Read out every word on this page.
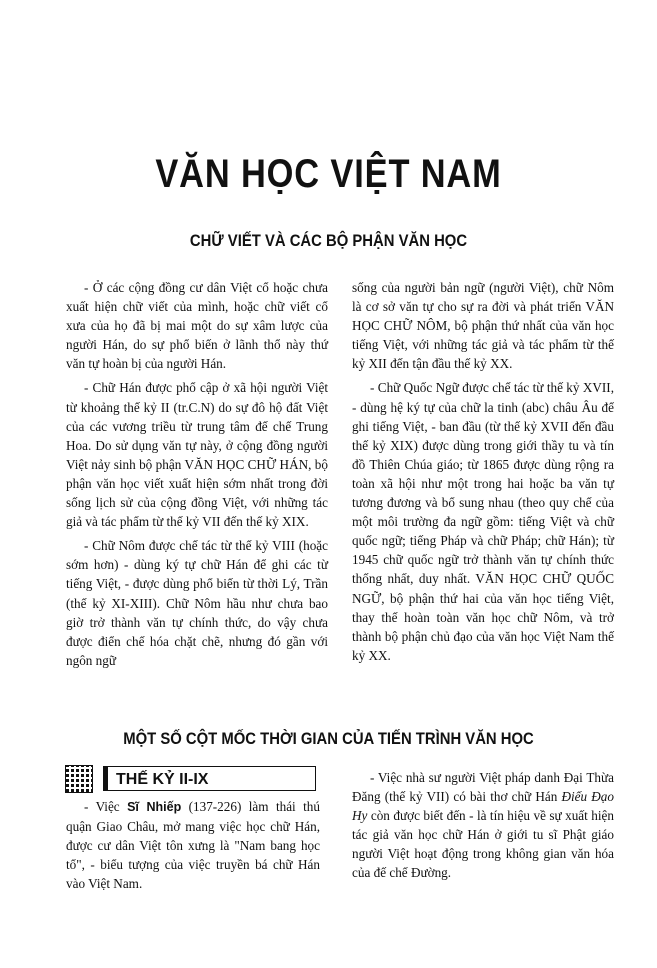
VĂN HỌC VIỆT NAM
CHỮ VIẾT VÀ CÁC BỘ PHẬN VĂN HỌC

- Ở các cộng đồng cư dân Việt cổ hoặc chưa xuất hiện chữ viết của mình, hoặc chữ viết cổ xưa của họ đã bị mai một do sự xâm lược của người Hán, do sự phổ biến ở lãnh thổ này thứ văn tự hoàn bị của người Hán.

- Chữ Hán được phổ cập ở xã hội người Việt từ khoảng thế kỷ II (tr.C.N) do sự đô hộ đất Việt của các vương triều từ trung tâm đế chế Trung Hoa. Do sử dụng văn tự này, ở cộng đồng người Việt nảy sinh bộ phận VĂN HỌC CHỮ HÁN, bộ phận văn học viết xuất hiện sớm nhất trong đời sống lịch sử của cộng đồng Việt, với những tác giả và tác phẩm từ thế kỷ VII đến thế kỷ XIX.

- Chữ Nôm được chế tác từ thế kỷ VIII (hoặc sớm hơn) - dùng ký tự chữ Hán để ghi các từ tiếng Việt, - được dùng phổ biến từ thời Lý, Trần (thế kỷ XI-XIII). Chữ Nôm hầu như chưa bao giờ trở thành văn tự chính thức, do vậy chưa được điển chế hóa chặt chẽ, nhưng đó gần với ngôn ngữ

sống của người bản ngữ (người Việt), chữ Nôm là cơ sở văn tự cho sự ra đời và phát triển VĂN HỌC CHỮ NÔM, bộ phận thứ nhất của văn học tiếng Việt, với những tác giả và tác phẩm từ thế kỷ XII đến tận đầu thế kỷ XX.

- Chữ Quốc Ngữ được chế tác từ thế kỷ XVII, - dùng hệ ký tự của chữ la tinh (abc) châu Âu để ghi tiếng Việt, - ban đầu (từ thế kỷ XVII đến đầu thế kỷ XIX) được dùng trong giới thầy tu và tín đồ Thiên Chúa giáo; từ 1865 được dùng rộng ra toàn xã hội như một trong hai hoặc ba văn tự tương đương và bổ sung nhau (theo quy chế của một môi trường đa ngữ gồm: tiếng Việt và chữ quốc ngữ; tiếng Pháp và chữ Pháp; chữ Hán); từ 1945 chữ quốc ngữ trở thành văn tự chính thức thống nhất, duy nhất. VĂN HỌC CHỮ QUỐC NGỮ, bộ phận thứ hai của văn học tiếng Việt, thay thế hoàn toàn văn học chữ Nôm, và trở thành bộ phận chủ đạo của văn học Việt Nam thế kỷ XX.

MỘT SỐ CỘT MỐC THỜI GIAN CỦA TIẾN TRÌNH VĂN HỌC
THẾ KỶ II-IX

- Việc Sĩ Nhiếp (137-226) làm thái thú quận Giao Châu, mở mang việc học chữ Hán, được cư dân Việt tôn xưng là "Nam bang học tổ", - biểu tượng của việc truyền bá chữ Hán vào Việt Nam.

- Việc nhà sư người Việt pháp danh Đại Thừa Đăng (thế kỷ VII) có bài thơ chữ Hán Điếu Đạo Hy còn được biết đến - là tín hiệu về sự xuất hiện tác giả văn học chữ Hán ở giới tu sĩ Phật giáo người Việt hoạt động trong không gian văn hóa của đế chế Đường.
